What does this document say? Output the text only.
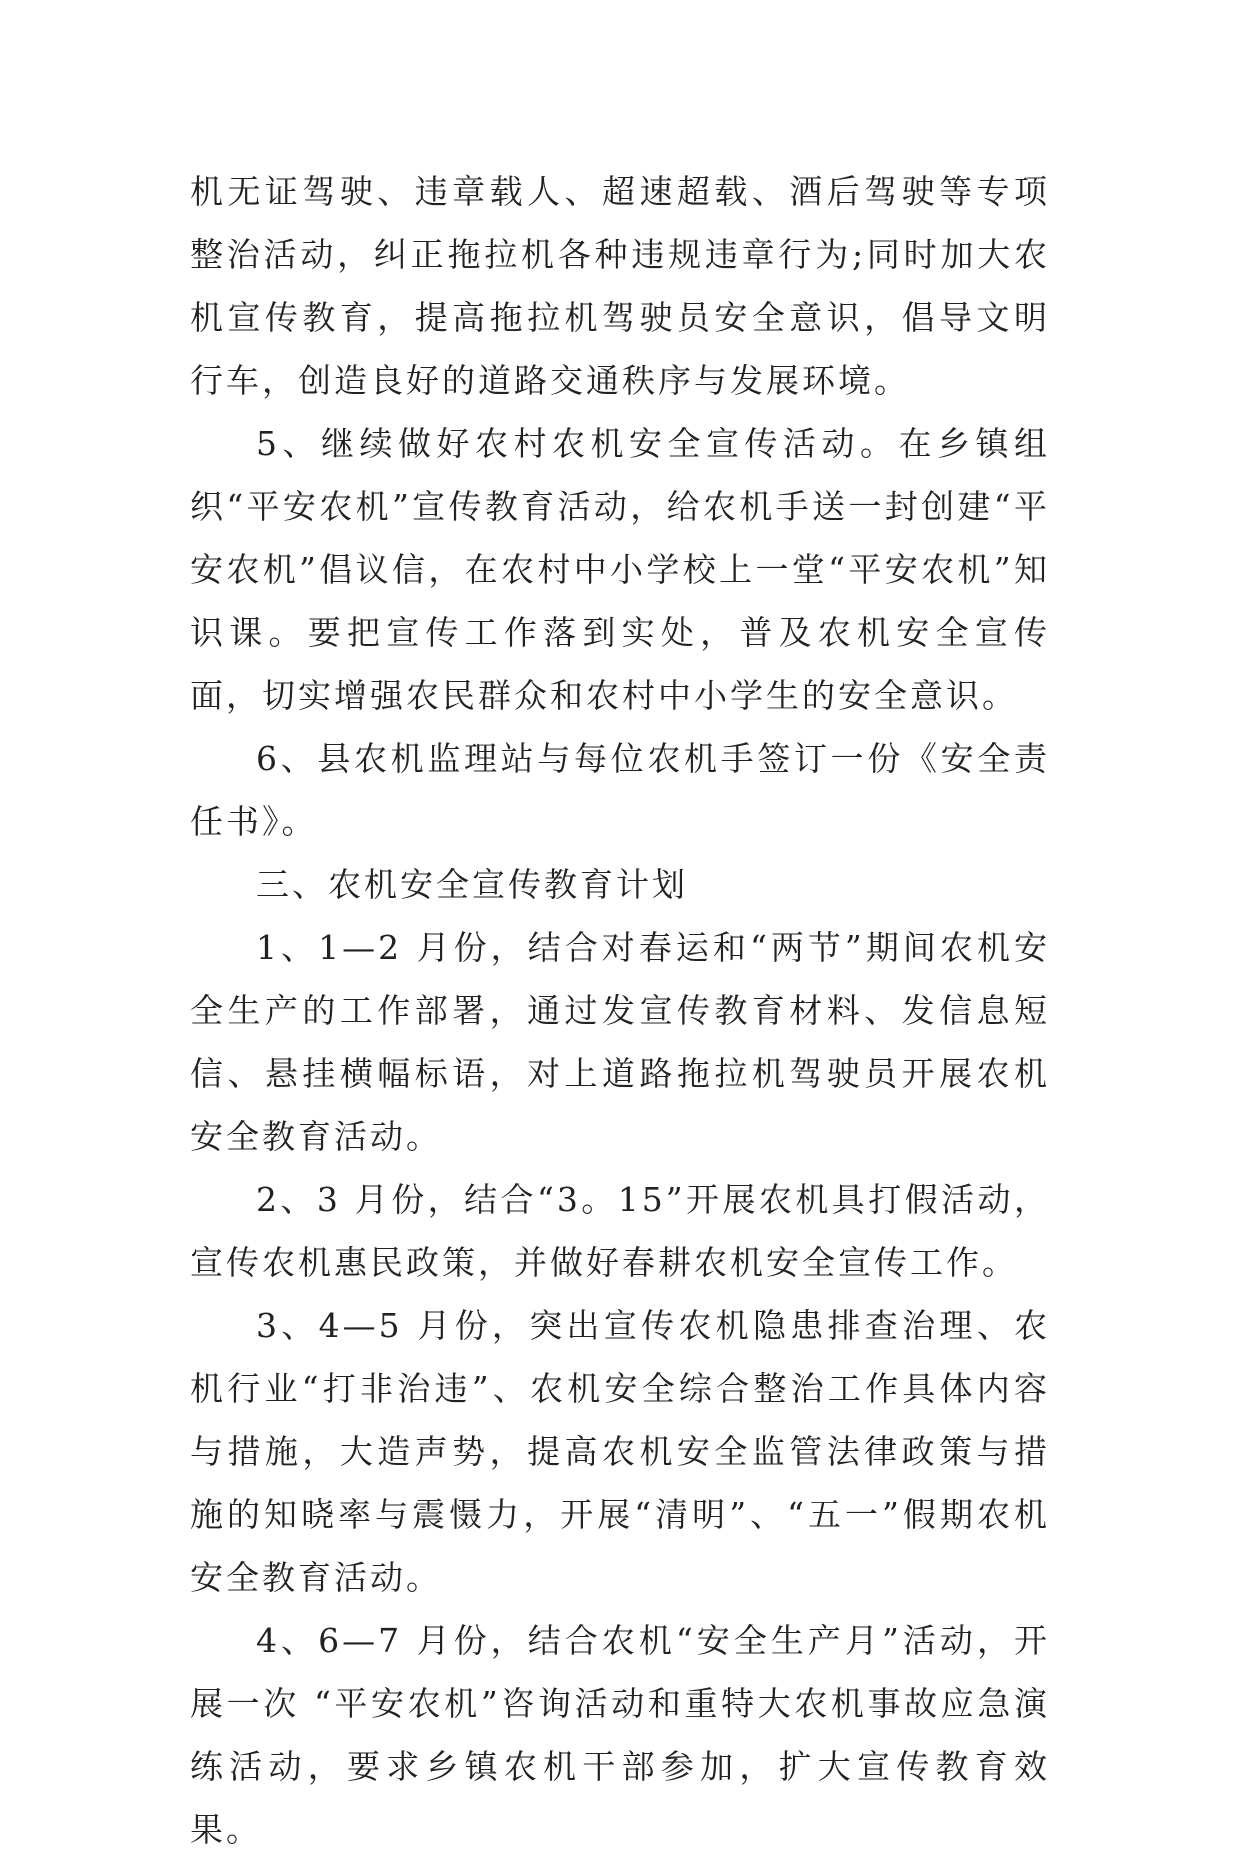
机无证驾驶、违章载人、超速超载、酒后驾驶等专项整治活动，纠正拖拉机各种违规违章行为;同时加大农机宣传教育，提高拖拉机驾驶员安全意识，倡导文明行车，创造良好的道路交通秩序与发展环境。

5、继续做好农村农机安全宣传活动。在乡镇组织“平安农机”宣传教育活动，给农机手送一封创建“平安农机”倡议信，在农村中小学校上一堂“平安农机”知识课。要把宣传工作落到实处，普及农机安全宣传面，切实增强农民群众和农村中小学生的安全意识。

6、县农机监理站与每位农机手签订一份《安全责任书》。

三、农机安全宣传教育计划

1、1—2 月份，结合对春运和“两节”期间农机安全生产的工作部署，通过发宣传教育材料、发信息短信、悬挂横幅标语，对上道路拖拉机驾驶员开展农机安全教育活动。

2、3 月份，结合“3。15”开展农机具打假活动，宣传农机惠民政策，并做好春耕农机安全宣传工作。

3、4—5 月份，突出宣传农机隐患排查治理、农机行业“打非治违”、农机安全综合整治工作具体内容与措施，大造声势，提高农机安全监管法律政策与措施的知晓率与震慑力，开展“清明”、“五一”假期农机安全教育活动。

4、6—7 月份，结合农机“安全生产月”活动，开展一次 “平安农机”咨询活动和重特大农机事故应急演练活动，要求乡镇农机干部参加，扩大宣传教育效果。
